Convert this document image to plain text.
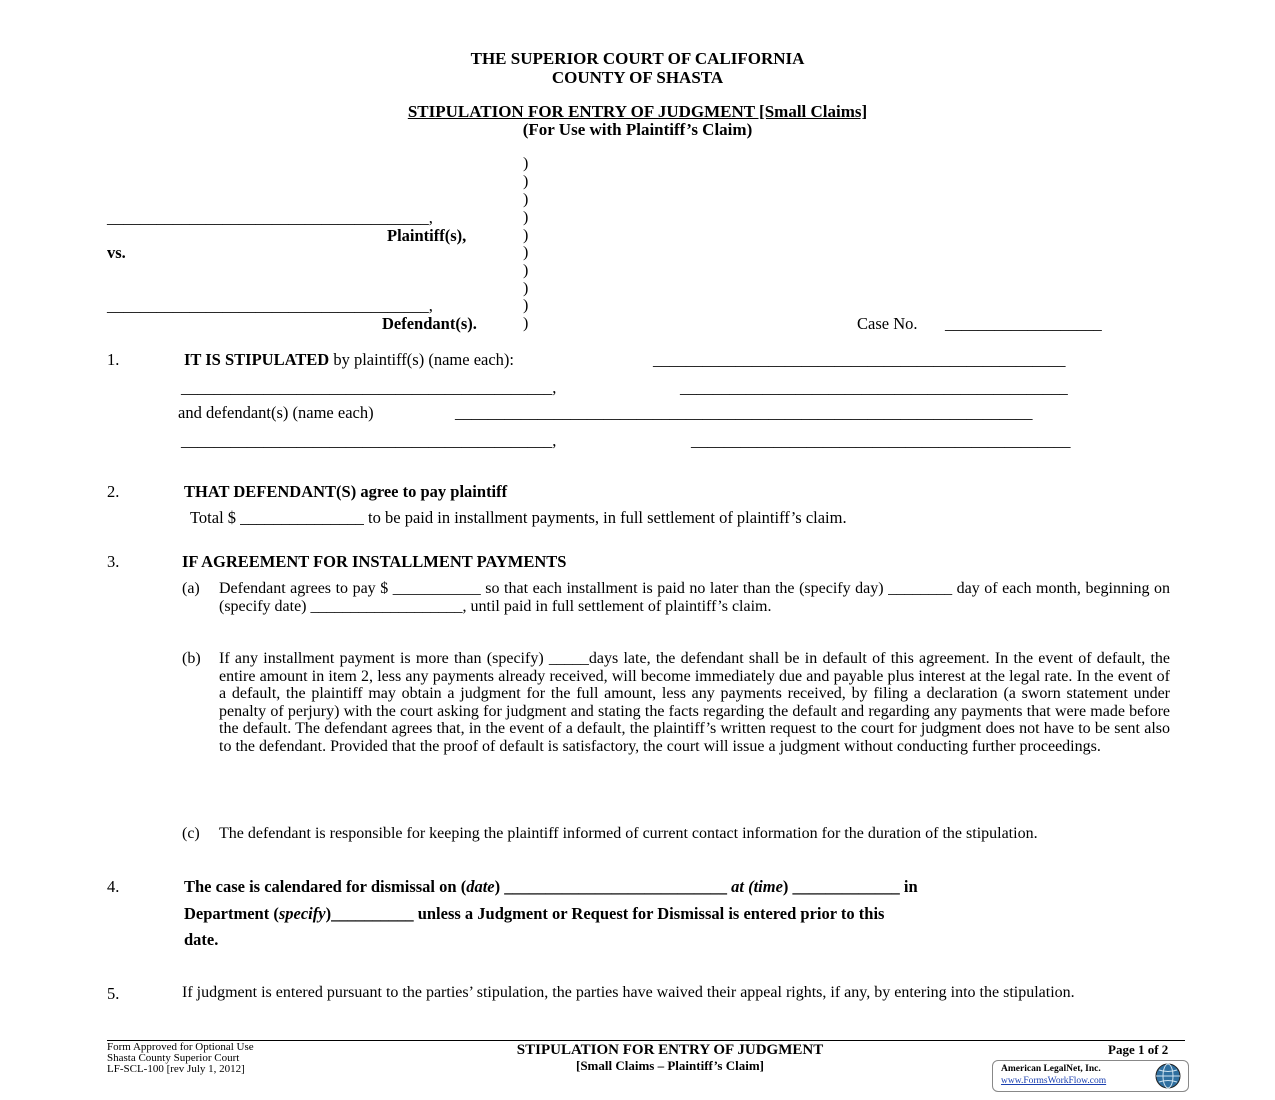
THE SUPERIOR COURT OF CALIFORNIA
COUNTY OF SHASTA
STIPULATION FOR ENTRY OF JUDGMENT [Small Claims]
(For Use with Plaintiff’s Claim)
)
)
)
)
)
)
)
)
)
)
_______________________________________,
Plaintiff(s),
vs.
_______________________________________,
Defendant(s).	Case No. ___________________
1.	IT IS STIPULATED by plaintiff(s) (name each):	__________________________________________________
_____________________________________________,	_______________________________________________
and defendant(s) (name each)	______________________________________________________________________
_____________________________________________,	______________________________________________
2.	THAT DEFENDANT(S) agree to pay plaintiff
Total $ _______________ to be paid in installment payments, in full settlement of plaintiff’s claim.
3.	IF AGREEMENT FOR INSTALLMENT PAYMENTS
(a) Defendant agrees to pay $ ___________ so that each installment is paid no later than the (specify day) ________ day of each month, beginning on (specify date) ___________________, until paid in full settlement of plaintiff’s claim.
(b) If any installment payment is more than (specify) _____days late, the defendant shall be in default of this agreement. In the event of default, the entire amount in item 2, less any payments already received, will become immediately due and payable plus interest at the legal rate. In the event of a default, the plaintiff may obtain a judgment for the full amount, less any payments received, by filing a declaration (a sworn statement under penalty of perjury) with the court asking for judgment and stating the facts regarding the default and regarding any payments that were made before the default. The defendant agrees that, in the event of a default, the plaintiff’s written request to the court for judgment does not have to be sent also to the defendant. Provided that the proof of default is satisfactory, the court will issue a judgment without conducting further proceedings.
(c) The defendant is responsible for keeping the plaintiff informed of current contact information for the duration of the stipulation.
4.	The case is calendared for dismissal on (date) ___________________________ at (time) _____________ in
Department (specify)__________ unless a Judgment or Request for Dismissal is entered prior to this
date.
5.	If judgment is entered pursuant to the parties’ stipulation, the parties have waived their appeal rights, if any, by entering into the stipulation.
Form Approved for Optional Use
Shasta County Superior Court
LF-SCL-100 [rev July 1, 2012]
STIPULATION FOR ENTRY OF JUDGMENT
[Small Claims – Plaintiff’s Claim]
Page 1 of 2
American LegalNet, Inc.
www.FormsWorkFlow.com
